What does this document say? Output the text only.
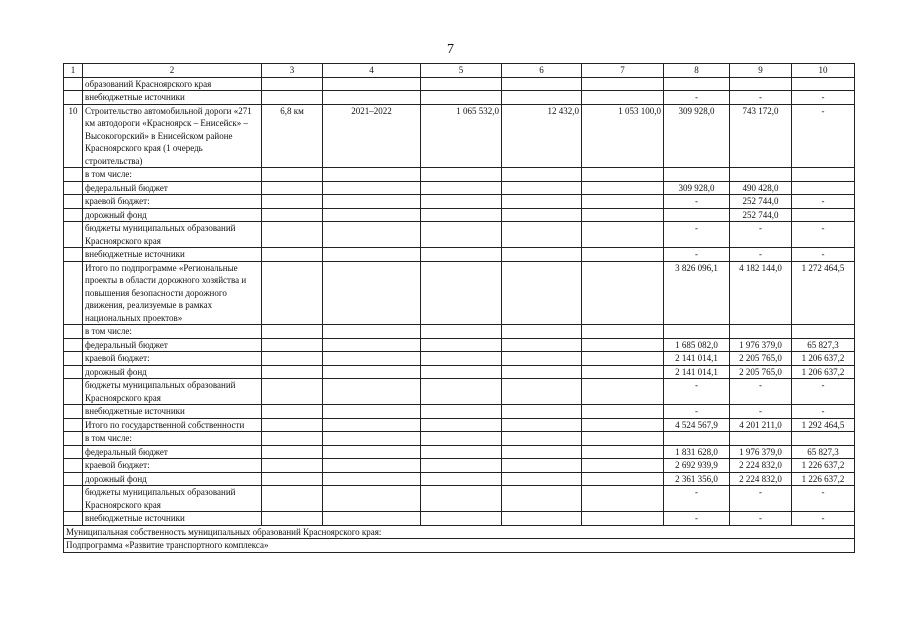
7
1	2	3	4	5	6	7	8	9	10
	образований Красноярского края								
	внебюджетные источники						-	-	-
10	Строительство автомобильной дороги «271 км автодороги «Красноярск – Енисейск» – Высокогорский» в Енисейском районе Красноярского края (1 очередь строительства)	6,8 км	2021–2022	1 065 532,0	12 432,0	1 053 100,0	309 928,0	743 172,0	-
	в том числе:								
	федеральный бюджет						309 928,0	490 428,0	
	краевой бюджет:						-	252 744,0	-
	дорожный фонд							252 744,0	
	бюджеты муниципальных образований Красноярского края						-	-	-
	внебюджетные источники						-	-	-
	Итого по подпрограмме «Региональные проекты в области дорожного хозяйства и повышения безопасности дорожного движения, реализуемые в рамках национальных проектов»						3 826 096,1	4 182 144,0	1 272 464,5
	в том числе:								
	федеральный бюджет						1 685 082,0	1 976 379,0	65 827,3
	краевой бюджет:						2 141 014,1	2 205 765,0	1 206 637,2
	дорожный фонд						2 141 014,1	2 205 765,0	1 206 637,2
	бюджеты муниципальных образований Красноярского края						-	-	-
	внебюджетные источники						-	-	-
	Итого по государственной собственности						4 524 567,9	4 201 211,0	1 292 464,5
	в том числе:								
	федеральный бюджет						1 831 628,0	1 976 379,0	65 827,3
	краевой бюджет:						2 692 939,9	2 224 832,0	1 226 637,2
	дорожный фонд						2 361 356,0	2 224 832,0	1 226 637,2
	бюджеты муниципальных образований Красноярского края						-	-	-
	внебюджетные источники						-	-	-
Муниципальная собственность муниципальных образований Красноярского края:									
Подпрограмма «Развитие транспортного комплекса»									
